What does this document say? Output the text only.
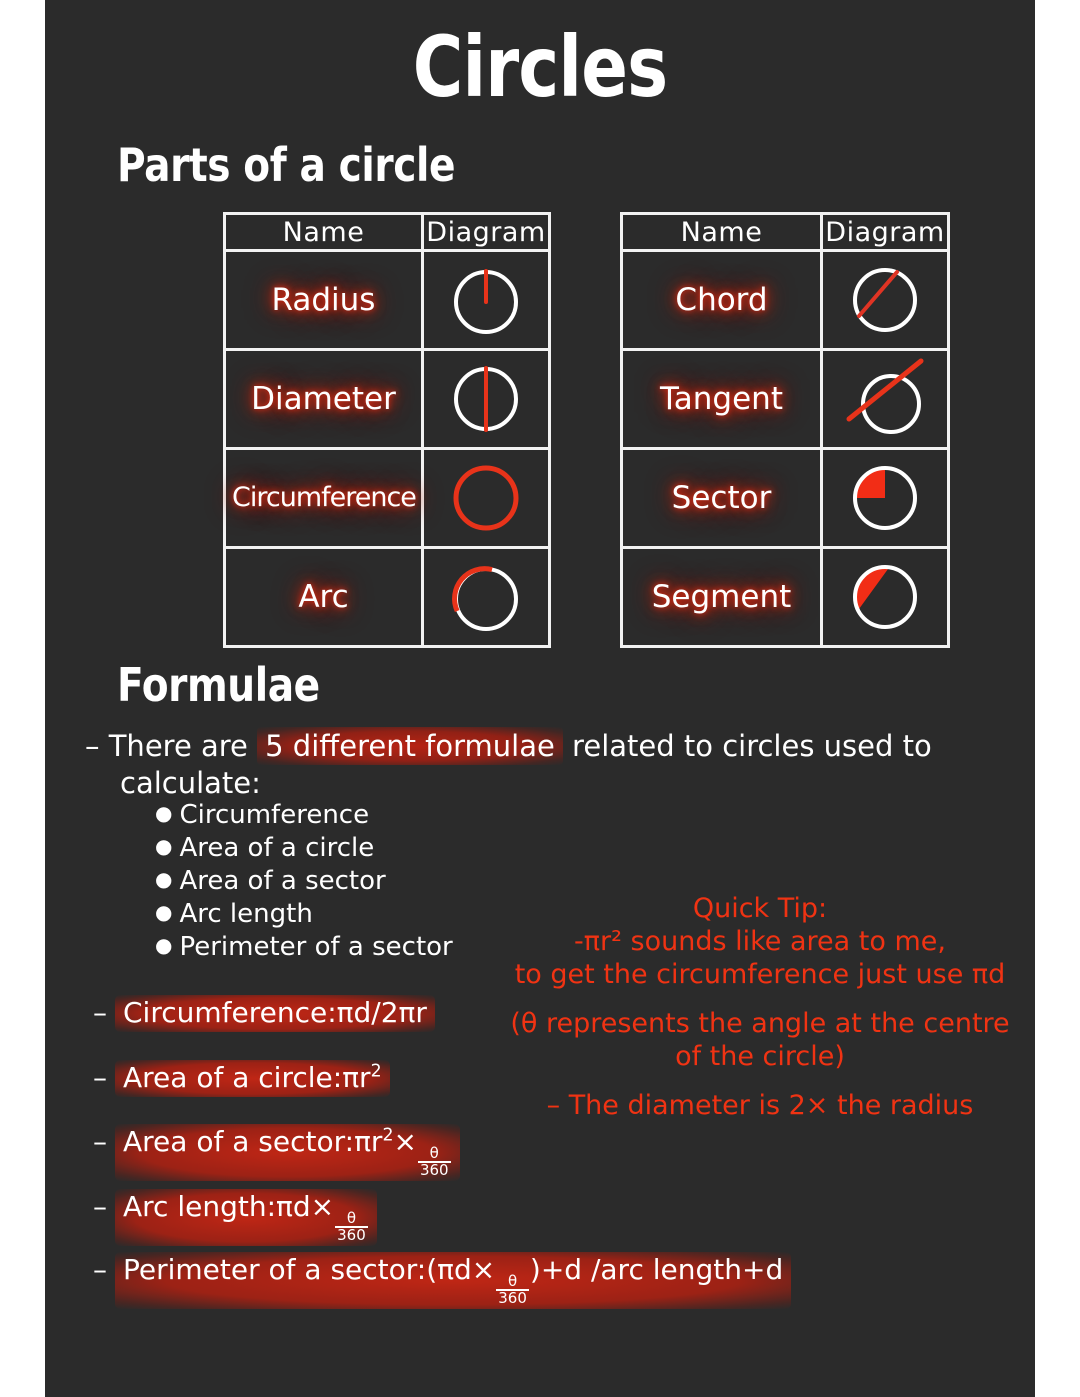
Circles
Parts of a circle
Name	Diagram
Radius	

Diameter	

Circumference	

Arc	
Name	Diagram
Chord	

Tangent	

Sector	

Segment	
Formulae
– There are 5 different formulae related to circles used to
calculate:
● Circumference
● Area of a circle
● Area of a sector
● Arc length
● Perimeter of a sector
– Circumference:πd/2πr
– Area of a $circle:\pi r^2$
– Area of a $sector:\pi r^2\times$
$\frac{\theta}{360}$
– Arc length:πd×
$\frac{\theta}{360}$
– Perimeter of a sector:(πd×
$\frac{\theta}{360}$
)+d /arc length+d
Quick Tip:
-πr² sounds like area to me,
to get the circumference just use πd
(θ represents the angle at the centre
of the circle)
– The diameter is 2× the radius
